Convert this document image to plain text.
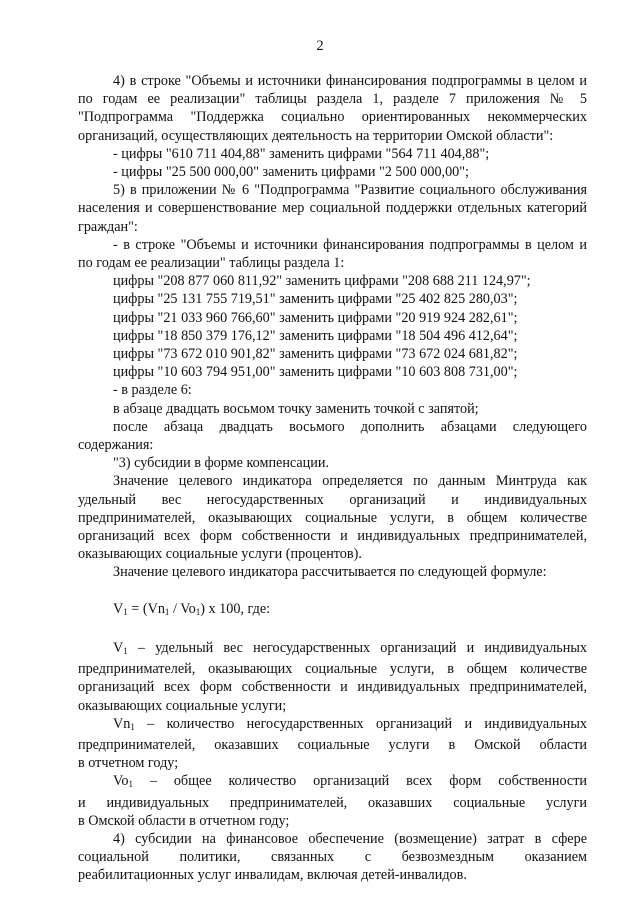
2
4) в строке "Объемы и источники финансирования подпрограммы в целом и
по годам ее реализации" таблицы раздела 1, разделе 7 приложения № 5
"Подпрограмма "Поддержка социально ориентированных некоммерческих
организаций, осуществляющих деятельность на территории Омской области":
- цифры "610 711 404,88" заменить цифрами "564 711 404,88";
- цифры "25 500 000,00" заменить цифрами "2 500 000,00";
5) в приложении № 6 "Подпрограмма "Развитие социального обслуживания
населения и совершенствование мер социальной поддержки отдельных категорий
граждан":
- в строке "Объемы и источники финансирования подпрограммы в целом и
по годам ее реализации" таблицы раздела 1:
цифры "208 877 060 811,92" заменить цифрами "208 688 211 124,97";
цифры "25 131 755 719,51" заменить цифрами "25 402 825 280,03";
цифры "21 033 960 766,60" заменить цифрами "20 919 924 282,61";
цифры "18 850 379 176,12" заменить цифрами "18 504 496 412,64";
цифры "73 672 010 901,82" заменить цифрами "73 672 024 681,82";
цифры "10 603 794 951,00" заменить цифрами "10 603 808 731,00";
- в разделе 6:
в абзаце двадцать восьмом точку заменить точкой с запятой;
после абзаца двадцать восьмого дополнить абзацами следующего
содержания:
"3) субсидии в форме компенсации.
Значение целевого индикатора определяется по данным Минтруда как
удельный вес негосударственных организаций и индивидуальных
предпринимателей, оказывающих социальные услуги, в общем количестве
организаций всех форм собственности и индивидуальных предпринимателей,
оказывающих социальные услуги (процентов).
Значение целевого индикатора рассчитывается по следующей формуле:
$V_1 = (Vn_1 / Vo_1)$ x 100, где:
$V_1$ – удельный вес негосударственных организаций и индивидуальных
предпринимателей, оказывающих социальные услуги, в общем количестве
организаций всех форм собственности и индивидуальных предпринимателей,
оказывающих социальные услуги;
$Vn_1$ – количество негосударственных организаций и индивидуальных
предпринимателей, оказавших социальные услуги в Омской области
в отчетном году;
$Vo_1$ – общее количество организаций всех форм собственности
и индивидуальных предпринимателей, оказавших социальные услуги
в Омской области в отчетном году;
4) субсидии на финансовое обеспечение (возмещение) затрат в сфере
социальной политики, связанных с безвозмездным оказанием
реабилитационных услуг инвалидам, включая детей-инвалидов.
